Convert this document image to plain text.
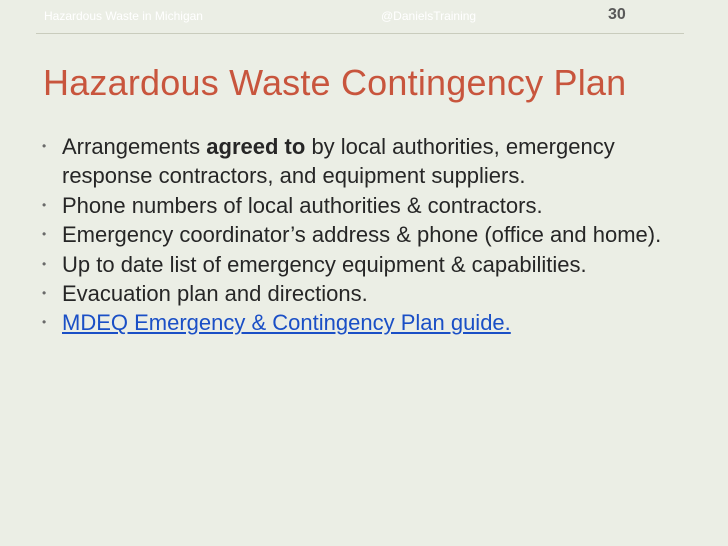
Hazardous Waste in Michigan	@DanielsTraining	30
Hazardous Waste Contingency Plan
• Arrangements agreed to by local authorities, emergency response contractors, and equipment suppliers.
• Phone numbers of local authorities & contractors.
• Emergency coordinator’s address & phone (office and home).
• Up to date list of emergency equipment & capabilities.
• Evacuation plan and directions.
• MDEQ Emergency & Contingency Plan guide.
